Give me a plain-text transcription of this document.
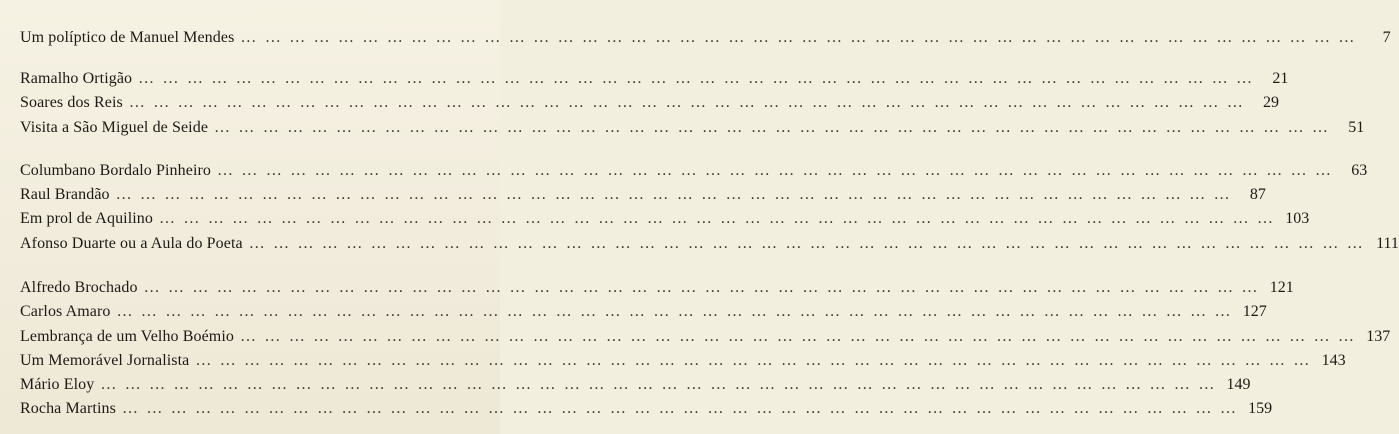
Um políptico de Manuel Mendes … … … … … … … … … … … … … … … … … … … … … … … … … … … … … … … … … … … … … … … … … … … … … …	7
Ramalho Ortigão … … … … … … … … … … … … … … … … … … … … … … … … … … … … … … … … … … … … … … … … … … … … … …	21
Soares dos Reis … … … … … … … … … … … … … … … … … … … … … … … … … … … … … … … … … … … … … … … … … … … … … …	29
Visita a São Miguel de Seide … … … … … … … … … … … … … … … … … … … … … … … … … … … … … … … … … … … … … … … … … … … … … …	51
Columbano Bordalo Pinheiro … … … … … … … … … … … … … … … … … … … … … … … … … … … … … … … … … … … … … … … … … … … … … …	63
Raul Brandão … … … … … … … … … … … … … … … … … … … … … … … … … … … … … … … … … … … … … … … … … … … … … …	87
Em prol de Aquilino … … … … … … … … … … … … … … … … … … … … … … … … … … … … … … … … … … … … … … … … … … … … … … 103
Afonso Duarte ou a Aula do Poeta … … … … … … … … … … … … … … … … … … … … … … … … … … … … … … … … … … … … … … … … … … … … … … 111
Alfredo Brochado … … … … … … … … … … … … … … … … … … … … … … … … … … … … … … … … … … … … … … … … … … … … … … 121
Carlos Amaro … … … … … … … … … … … … … … … … … … … … … … … … … … … … … … … … … … … … … … … … … … … … … … 127
Lembrança de um Velho Boémio … … … … … … … … … … … … … … … … … … … … … … … … … … … … … … … … … … … … … … … … … … … … … … 137
Um Memorável Jornalista … … … … … … … … … … … … … … … … … … … … … … … … … … … … … … … … … … … … … … … … … … … … … … 143
Mário Eloy … … … … … … … … … … … … … … … … … … … … … … … … … … … … … … … … … … … … … … … … … … … … … … 149
Rocha Martins … … … … … … … … … … … … … … … … … … … … … … … … … … … … … … … … … … … … … … … … … … … … … … 159
